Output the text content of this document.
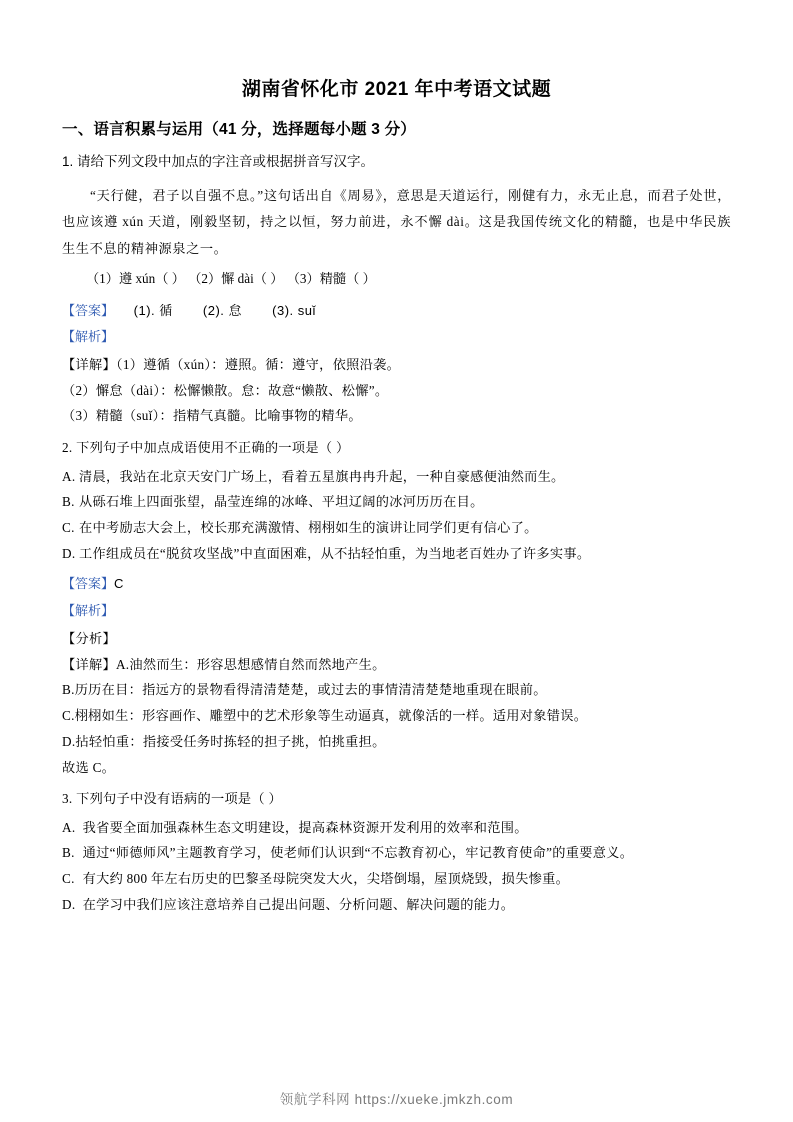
湖南省怀化市 2021 年中考语文试题
一、语言积累与运用（41 分，选择题每小题 3 分）
1. 请给下列文段中加点的字注音或根据拼音写汉字。
“天行健，君子以自强不息。”这句话出自《周易》，意思是天道运行，刚健有力，永无止息，而君子处世，也应该遵 xún 天道，刚毅坚韧，持之以恒，努力前进，永不懈 dài。这是我国传统文化的精髓，也是中华民族生生不息的精神源泉之一。
（1）遵 xún（ ） （2）懈 dài（ ） （3）精髓（ ）
【答案】 (1). 循 (2). 怠 (3). suǐ
【解析】
【详解】（1）遵循（xún）：遵照。循：遵守，依照沿袭。
（2）懈怠（dài）：松懈懒散。怠：故意“懒散、松懈”。
（3）精髓（suǐ）：指精气真髓。比喻事物的精华。
2. 下列句子中加点成语使用不正确的一项是（ ）
A. 清晨，我站在北京天安门广场上，看着五星旗冉冉升起，一种自豪感便油然而生。
B. 从砾石堆上四面张望，晶莹连绵的冰峰、平坦辽阔的冰河历历在目。
C. 在中考励志大会上，校长那充满激情、栩栩如生的演讲让同学们更有信心了。
D. 工作组成员在“脱贫攻坚战”中直面困难，从不拈轻怕重，为当地老百姓办了许多实事。
【答案】C
【解析】
【分析】
【详解】A.油然而生：形容思想感情自然而然地产生。
B.历历在目：指远方的景物看得清清楚楚，或过去的事情清清楚楚地重现在眼前。
C.栩栩如生：形容画作、雕塑中的艺术形象等生动逼真，就像活的一样。适用对象错误。
D.拈轻怕重：指接受任务时拣轻的担子挑，怕挑重担。
故选 C。
3. 下列句子中没有语病的一项是（ ）
A. 我省要全面加强森林生态文明建设，提高森林资源开发利用的效率和范围。
B. 通过“师德师风”主题教育学习，使老师们认识到“不忘教育初心，牢记教育使命”的重要意义。
C. 有大约 800 年左右历史的巴黎圣母院突发大火，尖塔倒塌，屋顶烧毁，损失惨重。
D. 在学习中我们应该注意培养自己提出问题、分析问题、解决问题的能力。
领航学科网 https://xueke.jmkzh.com
